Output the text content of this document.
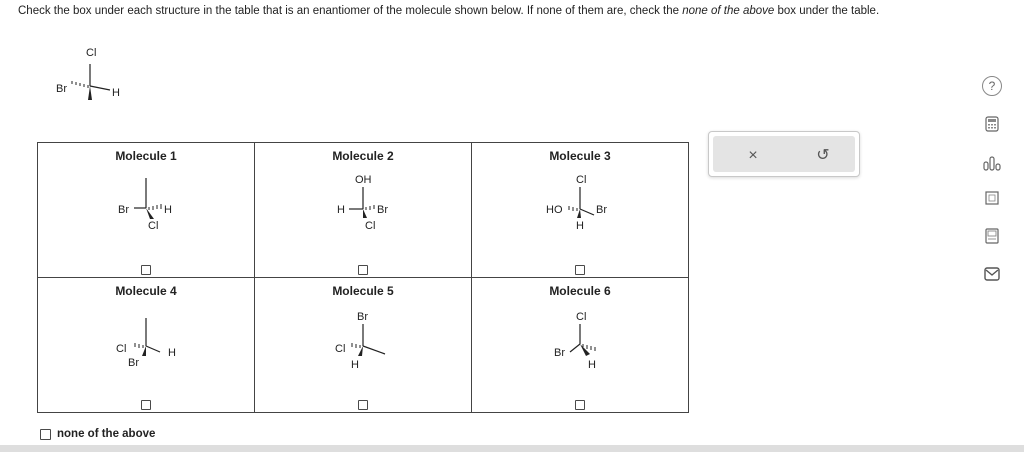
Check the box under each structure in the table that is an enantiomer of the molecule shown below. If none of them are, check the none of the above box under the table.
Cl
Br	H
Molecule 1
Br H
Cl	Molecule 2
OH
H Br
Cl	Molecule 3
Cl
HO Br
H

Molecule 4
Cl H
Br	Molecule 5
Br
Cl
H	Molecule 6
Cl
Br
H
none of the above
×	↺
?
